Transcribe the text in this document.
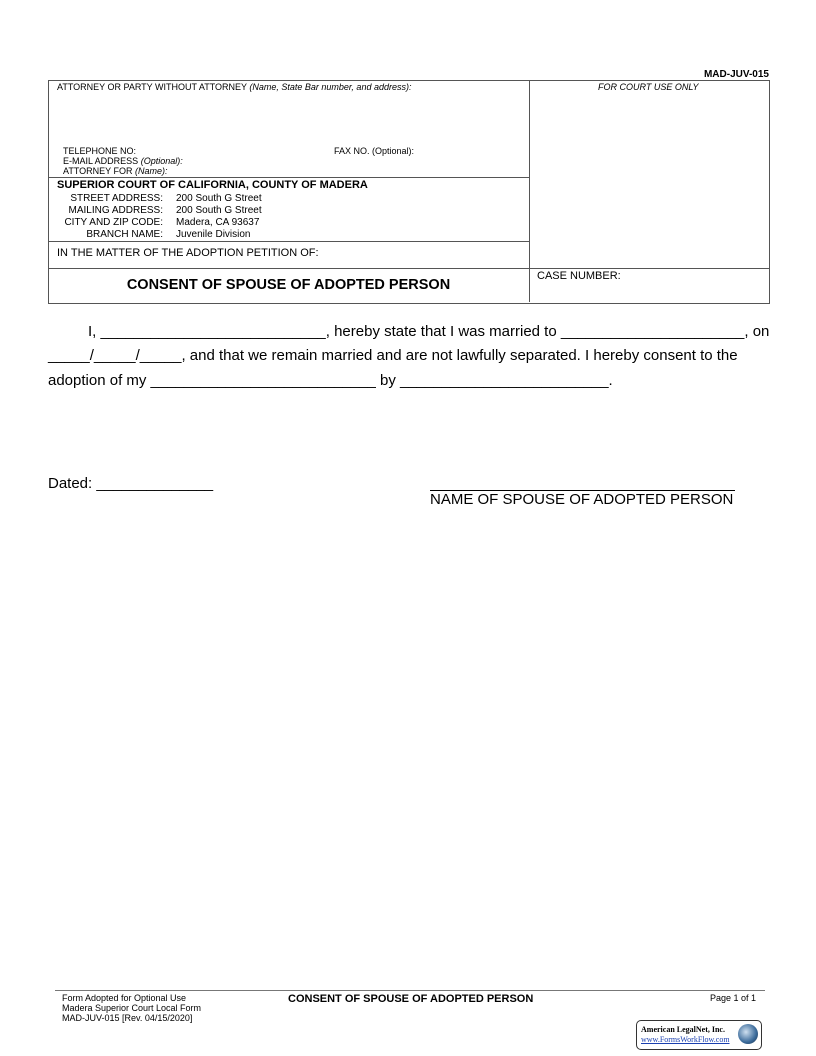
MAD-JUV-015
ATTORNEY OR PARTY WITHOUT ATTORNEY (Name, State Bar number, and address):	FOR COURT USE ONLY
TELEPHONE NO:	FAX NO. (Optional):
E-MAIL ADDRESS (Optional):
ATTORNEY FOR (Name):
SUPERIOR COURT OF CALIFORNIA, COUNTY OF MADERA
STREET ADDRESS: 200 South G Street
MAILING ADDRESS: 200 South G Street
CITY AND ZIP CODE: Madera, CA 93637
BRANCH NAME: Juvenile Division
IN THE MATTER OF THE ADOPTION PETITION OF:
CASE NUMBER:
CONSENT OF SPOUSE OF ADOPTED PERSON
I, ___________________________, hereby state that I was married to ______________________, on
_____/_____/_____, and that we remain married and are not lawfully separated. I hereby consent to the
adoption of my ___________________________ by _________________________.
Dated: ______________
NAME OF SPOUSE OF ADOPTED PERSON
Form Adopted for Optional Use
Madera Superior Court Local Form
MAD-JUV-015 [Rev. 04/15/2020]
CONSENT OF SPOUSE OF ADOPTED PERSON	Page 1 of 1
American LegalNet, Inc.
www.FormsWorkFlow.com
